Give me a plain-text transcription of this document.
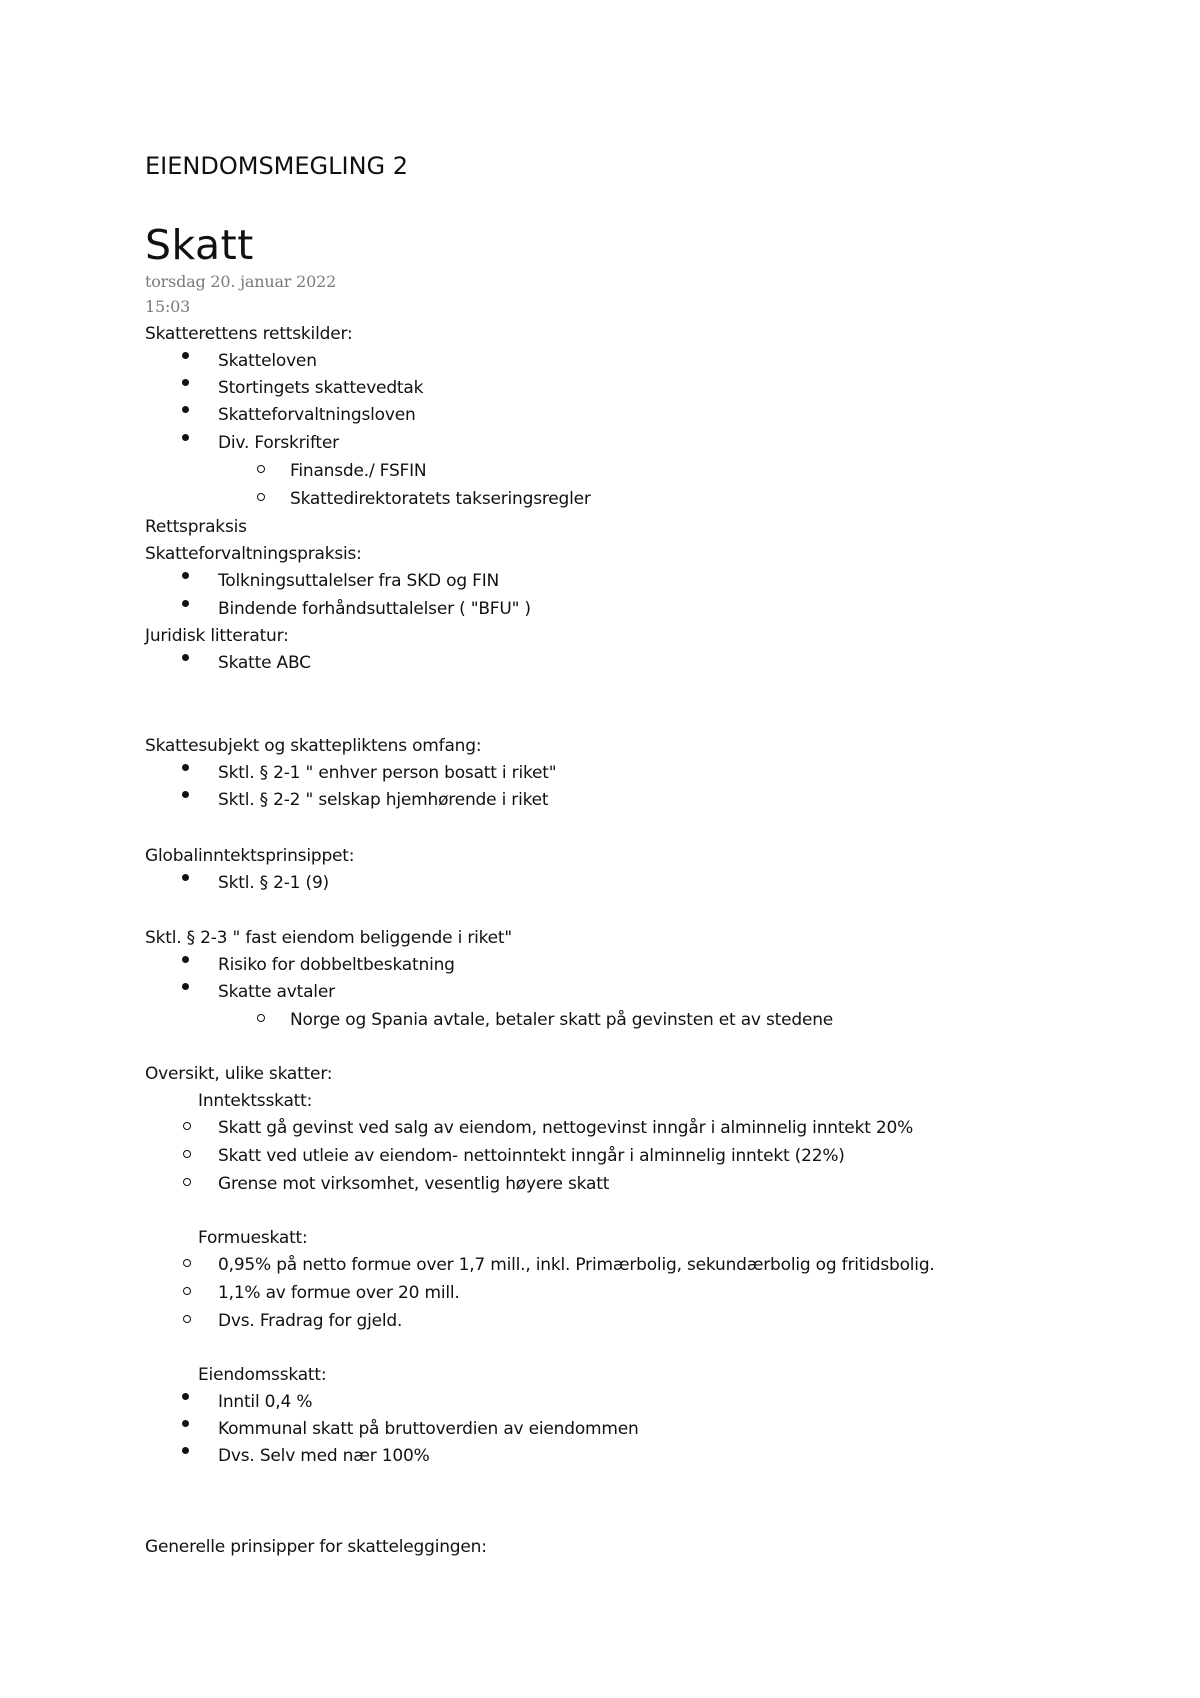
EIENDOMSMEGLING 2
Skatt
torsdag 20. januar 2022
15:03
Skatterettens rettskilder:
Skatteloven
Stortingets skattevedtak
Skatteforvaltningsloven
Div. Forskrifter
Finansde./ FSFIN
Skattedirektoratets takseringsregler
Rettspraksis
Skatteforvaltningspraksis:
Tolkningsuttalelser fra SKD og FIN
Bindende forhåndsuttalelser ( "BFU" )
Juridisk litteratur:
Skatte ABC
Skattesubjekt og skattepliktens omfang:
Sktl. § 2-1 " enhver person bosatt i riket"
Sktl. § 2-2 " selskap hjemhørende i riket
Globalinntektsprinsippet:
Sktl. § 2-1 (9)
Sktl. § 2-3 " fast eiendom beliggende i riket"
Risiko for dobbeltbeskatning
Skatte avtaler
Norge og Spania avtale, betaler skatt på gevinsten et av stedene
Oversikt, ulike skatter:
Inntektsskatt:
Skatt gå gevinst ved salg av eiendom, nettogevinst inngår i alminnelig inntekt 20%
Skatt ved utleie av eiendom- nettoinntekt inngår i alminnelig inntekt (22%)
Grense mot virksomhet, vesentlig høyere skatt
Formueskatt:
0,95% på netto formue over 1,7 mill., inkl. Primærbolig, sekundærbolig og fritidsbolig.
1,1% av formue over 20 mill.
Dvs. Fradrag for gjeld.
Eiendomsskatt:
Inntil 0,4 %
Kommunal skatt på bruttoverdien av eiendommen
Dvs. Selv med nær 100%
Generelle prinsipper for skatteleggingen:
